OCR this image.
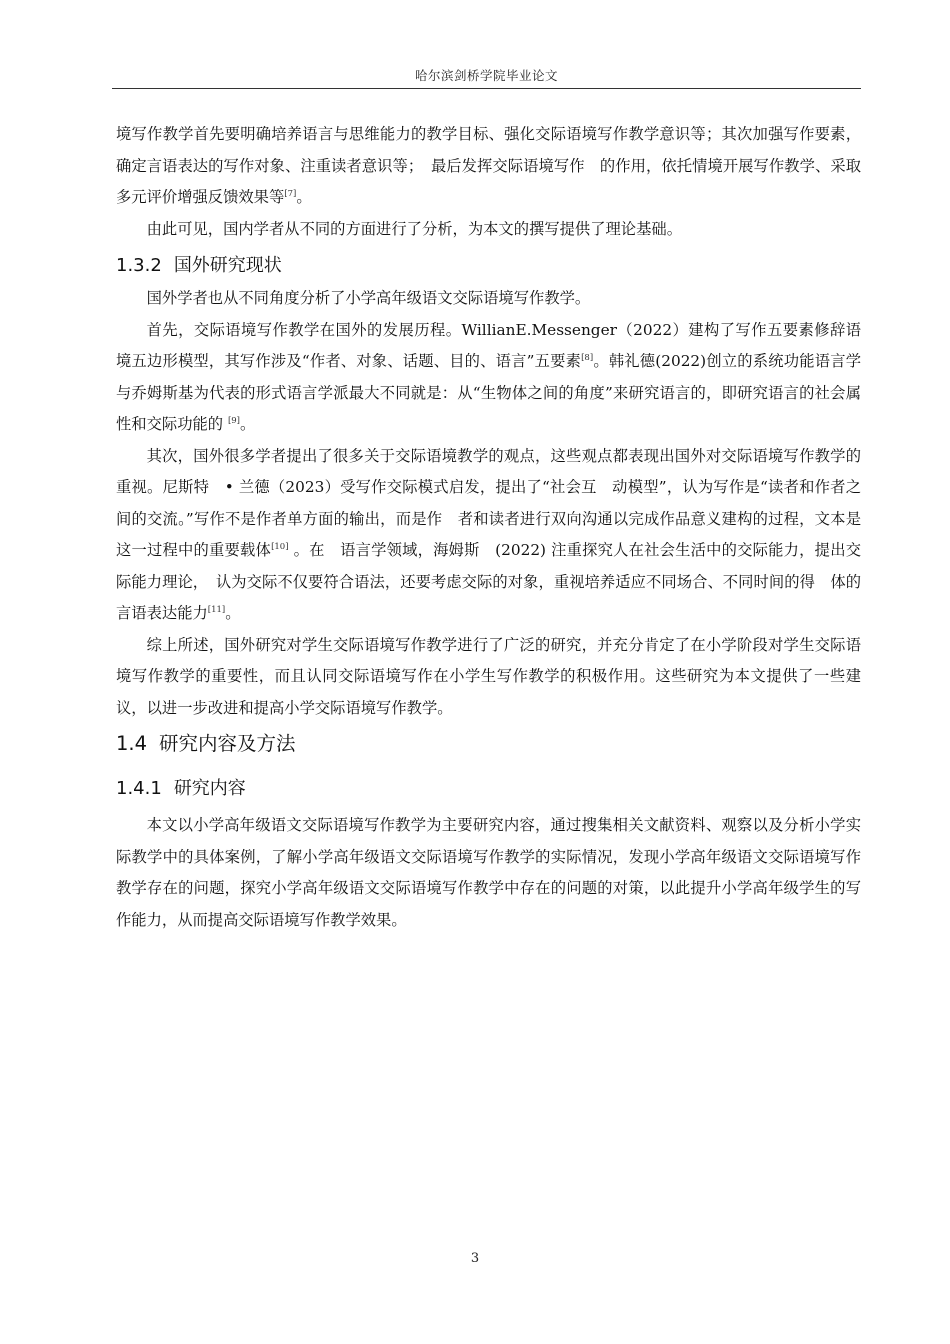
哈尔滨剑桥学院毕业论文

境写作教学首先要明确培养语言与思维能力的教学目标、强化交际语境写作教学意识等；其次加强写作要素，确定言语表达的写作对象、注重读者意识等；　最后发挥交际语境写作　的作用，依托情境开展写作教学、采取多元评价增强反馈效果等[7]。

由此可见，国内学者从不同的方面进行了分析，为本文的撰写提供了理论基础。

1.3.2 国外研究现状

国外学者也从不同角度分析了小学高年级语文交际语境写作教学。

首先，交际语境写作教学在国外的发展历程。WillianE.Messenger（2022）建构了写作五要素修辞语境五边形模型，其写作涉及“作者、对象、话题、目的、语言”五要素[8]。韩礼德(2022)创立的系统功能语言学与乔姆斯基为代表的形式语言学派最大不同就是：从“生物体之间的角度”来研究语言的，即研究语言的社会属性和交际功能的 [9]。

其次，国外很多学者提出了很多关于交际语境教学的观点，这些观点都表现出国外对交际语境写作教学的重视。尼斯特　• 兰德（2023）受写作交际模式启发，提出了“社会互　动模型”，认为写作是“读者和作者之间的交流。”写作不是作者单方面的输出，而是作　者和读者进行双向沟通以完成作品意义建构的过程，文本是这一过程中的重要载体[10] 。在　语言学领域，海姆斯　(2022) 注重探究人在社会生活中的交际能力，提出交际能力理论，　认为交际不仅要符合语法，还要考虑交际的对象，重视培养适应不同场合、不同时间的得　体的言语表达能力[11]。

综上所述，国外研究对学生交际语境写作教学进行了广泛的研究，并充分肯定了在小学阶段对学生交际语境写作教学的重要性，而且认同交际语境写作在小学生写作教学的积极作用。这些研究为本文提供了一些建议，以进一步改进和提高小学交际语境写作教学。

1.4 研究内容及方法
1.4.1 研究内容

本文以小学高年级语文交际语境写作教学为主要研究内容，通过搜集相关文献资料、观察以及分析小学实际教学中的具体案例，了解小学高年级语文交际语境写作教学的实际情况，发现小学高年级语文交际语境写作教学存在的问题，探究小学高年级语文交际语境写作教学中存在的问题的对策，以此提升小学高年级学生的写作能力，从而提高交际语境写作教学效果。

3
